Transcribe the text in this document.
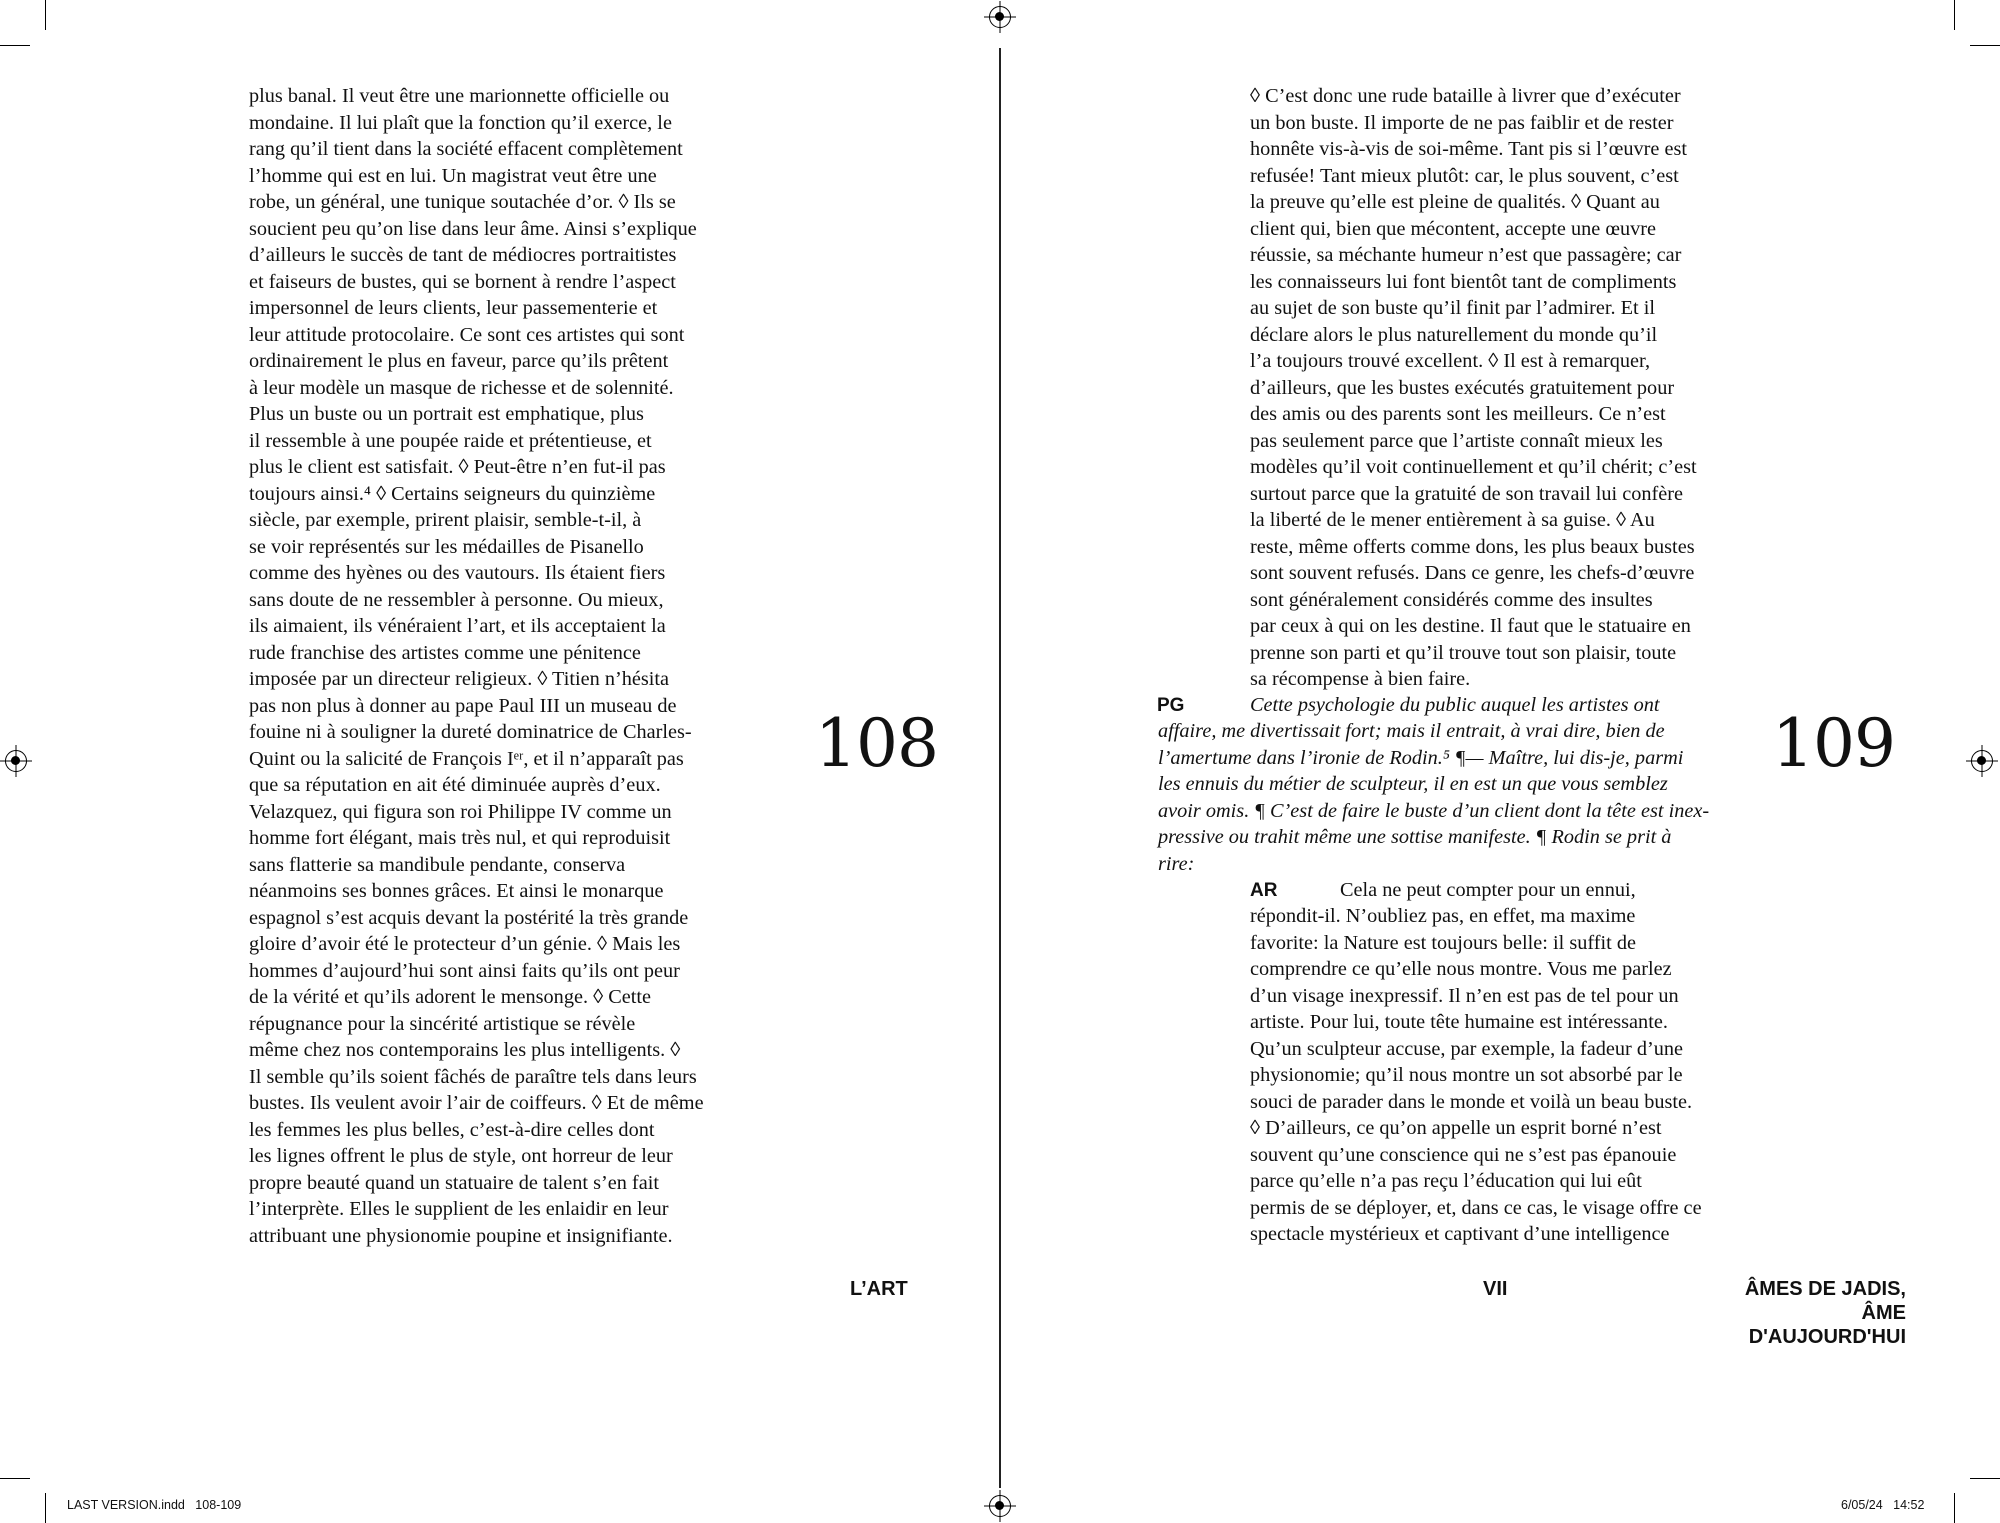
plus banal. Il veut être une marionnette officielle ou
mondaine. Il lui plaît que la fonction qu’il exerce, le
rang qu’il tient dans la société effacent complètement
l’homme qui est en lui. Un magistrat veut être une
robe, un général, une tunique soutachée d’or. ◊ Ils se
soucient peu qu’on lise dans leur âme. Ainsi s’explique
d’ailleurs le succès de tant de médiocres portraitistes
et faiseurs de bustes, qui se bornent à rendre l’aspect
impersonnel de leurs clients, leur passementerie et
leur attitude protocolaire. Ce sont ces artistes qui sont
ordinairement le plus en faveur, parce qu’ils prêtent
à leur modèle un masque de richesse et de solennité.
Plus un buste ou un portrait est emphatique, plus
il ressemble à une poupée raide et prétentieuse, et
plus le client est satisfait. ◊ Peut-être n’en fut-il pas
toujours ainsi.⁴ ◊ Certains seigneurs du quinzième
siècle, par exemple, prirent plaisir, semble-t-il, à
se voir représentés sur les médailles de Pisanello
comme des hyènes ou des vautours. Ils étaient fiers
sans doute de ne ressembler à personne. Ou mieux,
ils aimaient, ils vénéraient l’art, et ils acceptaient la
rude franchise des artistes comme une pénitence
imposée par un directeur religieux. ◊ Titien n’hésita
pas non plus à donner au pape Paul III un museau de
fouine ni à souligner la dureté dominatrice de Charles-
Quint ou la salicité de François Iᵉʳ, et il n’apparaît pas
que sa réputation en ait été diminuée auprès d’eux.
Velazquez, qui figura son roi Philippe IV comme un
homme fort élégant, mais très nul, et qui reproduisit
sans flatterie sa mandibule pendante, conserva
néanmoins ses bonnes grâces. Et ainsi le monarque
espagnol s’est acquis devant la postérité la très grande
gloire d’avoir été le protecteur d’un génie. ◊ Mais les
hommes d’aujourd’hui sont ainsi faits qu’ils ont peur
de la vérité et qu’ils adorent le mensonge. ◊ Cette
répugnance pour la sincérité artistique se révèle
même chez nos contemporains les plus intelligents. ◊
Il semble qu’ils soient fâchés de paraître tels dans leurs
bustes. Ils veulent avoir l’air de coiffeurs. ◊ Et de même
les femmes les plus belles, c’est-à-dire celles dont
les lignes offrent le plus de style, ont horreur de leur
propre beauté quand un statuaire de talent s’en fait
l’interprète. Elles le supplient de les enlaidir en leur
attribuant une physionomie poupine et insignifiante.
108
L’ART
◊ C’est donc une rude bataille à livrer que d’exécuter
un bon buste. Il importe de ne pas faiblir et de rester
honnête vis-à-vis de soi-même. Tant pis si l’œuvre est
refusée! Tant mieux plutôt: car, le plus souvent, c’est
la preuve qu’elle est pleine de qualités. ◊ Quant au
client qui, bien que mécontent, accepte une œuvre
réussie, sa méchante humeur n’est que passagère; car
les connaisseurs lui font bientôt tant de compliments
au sujet de son buste qu’il finit par l’admirer. Et il
déclare alors le plus naturellement du monde qu’il
l’a toujours trouvé excellent. ◊ Il est à remarquer,
d’ailleurs, que les bustes exécutés gratuitement pour
des amis ou des parents sont les meilleurs. Ce n’est
pas seulement parce que l’artiste connaît mieux les
modèles qu’il voit continuellement et qu’il chérit; c’est
surtout parce que la gratuité de son travail lui confère
la liberté de le mener entièrement à sa guise. ◊ Au
reste, même offerts comme dons, les plus beaux bustes
sont souvent refusés. Dans ce genre, les chefs-d’œuvre
sont généralement considérés comme des insultes
par ceux à qui on les destine. Il faut que le statuaire en
prenne son parti et qu’il trouve tout son plaisir, toute
sa récompense à bien faire.
PG	Cette psychologie du public auquel les artistes ont
affaire, me divertissait fort; mais il entrait, à vrai dire, bien de
l’amertume dans l’ironie de Rodin.⁵ ¶— Maître, lui dis-je, parmi
les ennuis du métier de sculpteur, il en est un que vous semblez
avoir omis. ¶ C’est de faire le buste d’un client dont la tête est inex-
pressive ou trahit même une sottise manifeste. ¶ Rodin se prit à
rire:
AR	Cela ne peut compter pour un ennui,
répondit-il. N’oubliez pas, en effet, ma maxime
favorite: la Nature est toujours belle: il suffit de
comprendre ce qu’elle nous montre. Vous me parlez
d’un visage inexpressif. Il n’en est pas de tel pour un
artiste. Pour lui, toute tête humaine est intéressante.
Qu’un sculpteur accuse, par exemple, la fadeur d’une
physionomie; qu’il nous montre un sot absorbé par le
souci de parader dans le monde et voilà un beau buste.
◊ D’ailleurs, ce qu’on appelle un esprit borné n’est
souvent qu’une conscience qui ne s’est pas épanouie
parce qu’elle n’a pas reçu l’éducation qui lui eût
permis de se déployer, et, dans ce cas, le visage offre ce
spectacle mystérieux et captivant d’une intelligence
109
VII	ÂMES DE JADIS,
ÂME D'AUJOURD'HUI
LAST VERSION.indd   108-109	6/05/24   14:52
